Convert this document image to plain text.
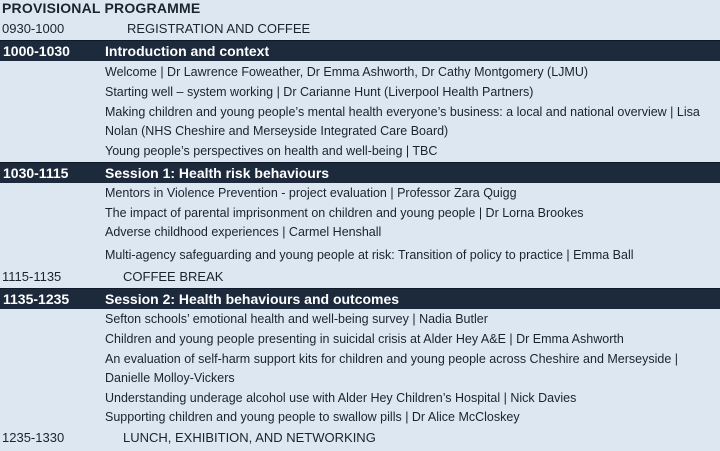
PROVISIONAL PROGRAMME
0930-1000	REGISTRATION AND COFFEE
1000-1030	Introduction and context
Welcome | Dr Lawrence Foweather, Dr Emma Ashworth, Dr Cathy Montgomery (LJMU)
Starting well – system working | Dr Carianne Hunt (Liverpool Health Partners)
Making children and young people’s mental health everyone’s business: a local and national overview | Lisa Nolan (NHS Cheshire and Merseyside Integrated Care Board)
Young people’s perspectives on health and well-being | TBC
1030-1115	Session 1: Health risk behaviours
Mentors in Violence Prevention - project evaluation | Professor Zara Quigg
The impact of parental imprisonment on children and young people | Dr Lorna Brookes
Adverse childhood experiences | Carmel Henshall
Multi-agency safeguarding and young people at risk: Transition of policy to practice | Emma Ball
1115-1135	COFFEE BREAK
1135-1235	Session 2: Health behaviours and outcomes
Sefton schools’ emotional health and well-being survey | Nadia Butler
Children and young people presenting in suicidal crisis at Alder Hey A&E | Dr Emma Ashworth
An evaluation of self-harm support kits for children and young people across Cheshire and Merseyside | Danielle Molloy-Vickers
Understanding underage alcohol use with Alder Hey Children’s Hospital | Nick Davies
Supporting children and young people to swallow pills | Dr Alice McCloskey
1235-1330	LUNCH, EXHIBITION, AND NETWORKING
